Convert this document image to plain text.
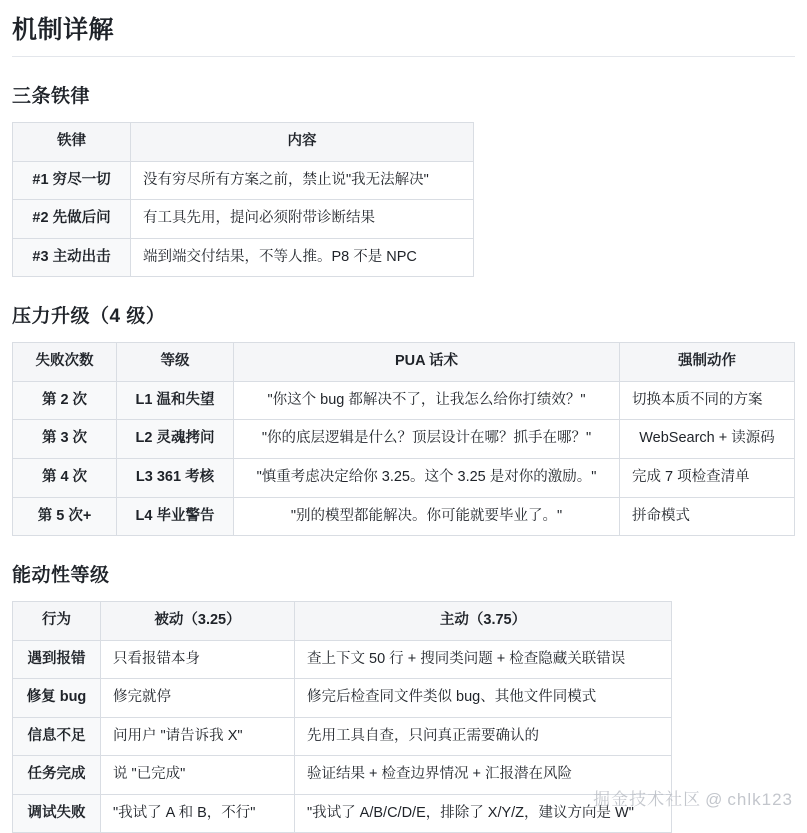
机制详解
三条铁律
铁律	内容
#1 穷尽一切	没有穷尽所有方案之前，禁止说"我无法解决"
#2 先做后问	有工具先用，提问必须附带诊断结果
#3 主动出击	端到端交付结果，不等人推。P8 不是 NPC
压力升级（4 级）
失败次数	等级	PUA 话术	强制动作
第 2 次	L1 温和失望	"你这个 bug 都解决不了，让我怎么给你打绩效？"	切换本质不同的方案
第 3 次	L2 灵魂拷问	"你的底层逻辑是什么？顶层设计在哪？抓手在哪？"	WebSearch + 读源码
第 4 次	L3 361 考核	"慎重考虑决定给你 3.25。这个 3.25 是对你的激励。"	完成 7 项检查清单
第 5 次+	L4 毕业警告	"别的模型都能解决。你可能就要毕业了。"	拼命模式
能动性等级
行为	被动（3.25）	主动（3.75）
遇到报错	只看报错本身	查上下文 50 行 + 搜同类问题 + 检查隐藏关联错误
修复 bug	修完就停	修完后检查同文件类似 bug、其他文件同模式
信息不足	问用户 "请告诉我 X"	先用工具自查，只问真正需要确认的
任务完成	说 "已完成"	验证结果 + 检查边界情况 + 汇报潜在风险
调试失败	"我试了 A 和 B，不行"	"我试了 A/B/C/D/E，排除了 X/Y/Z，建议方向是 W"
掘金技术社区 @ chlk123
